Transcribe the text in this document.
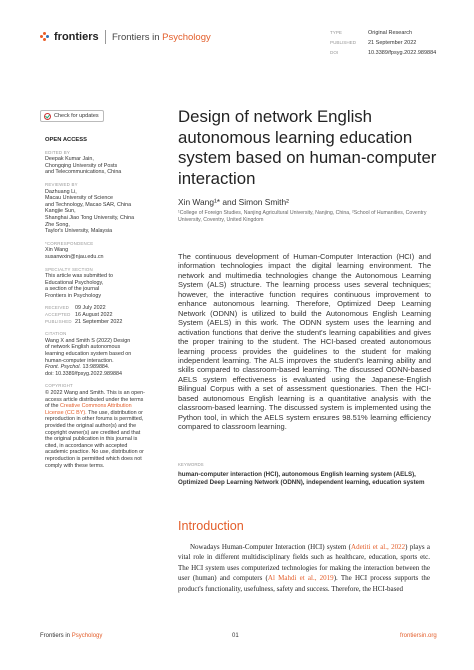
frontiers Frontiers in Psychology	TYPE	Original Research
PUBLISHED 21 September 2022
DOI	10.3389/fpsyg.2022.989884
Check for updates
OPEN ACCESS
EDITED BY

Deepak Kumar Jain,

Chongqing University of Posts

and Telecommunications, China

REVIEWED BY

Dazhuang Li,

Macau University of Science

and Technology, Macao SAR, China

Kangjie Sun,

Shanghai Jiao Tong University, China

Zhe Song,

Taylor's University, Malaysia

*CORRESPONDENCE

Xin Wang

susanwxin@njau.edu.cn

SPECIALTY SECTION

This article was submitted to

Educational Psychology,

a section of the journal

Frontiers in Psychology

RECEIVED 09 July 2022
ACCEPTED 16 August 2022
PUBLISHED 21 September 2022
CITATION

Wang X and Smith S (2022) Design

of network English autonomous

learning education system based on

human-computer interaction.

Front. Psychol. 13:989884.

doi: 10.3389/fpsyg.2022.989884

COPYRIGHT

© 2022 Wang and Smith. This is an open-access article distributed under the terms of the Creative Commons Attribution License (CC BY). The use, distribution or reproduction in other forums is permitted, provided the original author(s) and the copyright owner(s) are credited and that the original publication in this journal is cited, in accordance with accepted academic practice. No use, distribution or reproduction is permitted which does not comply with these terms.

Design of network English autonomous learning education system based on human-computer interaction
Xin Wang¹* and Simon Smith²
¹College of Foreign Studies, Nanjing Agricultural University, Nanjing, China, ²School of Humanities, Coventry University, Coventry, United Kingdom
The continuous development of Human-Computer Interaction (HCI) and information technologies impact the digital learning environment. The network and multimedia technologies change the Autonomous Learning System (ALS) structure. The learning process uses several techniques; however, the interactive function requires continuous improvement to enhance autonomous learning. Therefore, Optimized Deep Learning Network (ODNN) is utilized to build the Autonomous English Learning System (AELS) in this work. The ODNN system uses the learning and activation functions that derive the student's learning capabilities and gives the proper training to the student. The HCI-based created autonomous learning process provides the guidelines to the student for making independent learning. The ALS improves the student's learning ability and skills compared to classroom-based learning. The discussed ODNN-based AELS system effectiveness is evaluated using the Japanese-English Bilingual Corpus with a set of assessment questionaries. Then the HCI-based autonomous English learning is a quantitative analysis with the classroom-based learning. The discussed system is implemented using the Python tool, in which the AELS system ensures 98.51% learning efficiency compared to classroom learning.
KEYWORDS
human-computer interaction (HCI), autonomous English learning system (AELS), Optimized Deep Learning Network (ODNN), independent learning, education system
Introduction
Nowadays Human-Computer Interaction (HCI) system (Adetiti et al., 2022) plays a vital role in different multidisciplinary fields such as healthcare, education, sports etc. The HCI system uses computerized technologies for making the interaction between the user (human) and computers (Al Mahdi et al., 2019). The HCI process supports the product's functionality, usefulness, safety and success. Therefore, the HCI-based
Frontiers in Psychology	01	frontiersin.org
